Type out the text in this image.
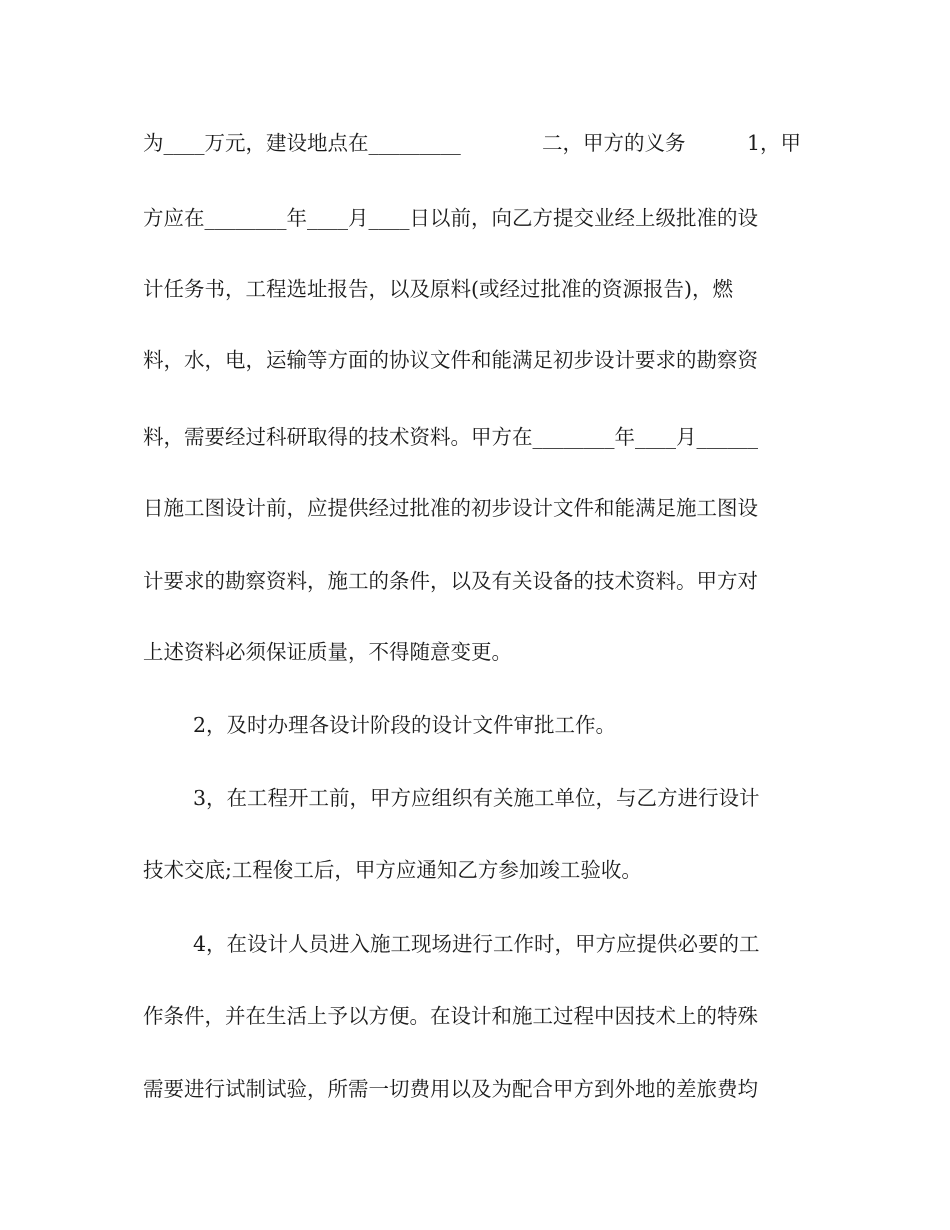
为____万元，建设地点在_________

	二，甲方的义务

	1，甲

方应在________年____月____日以前，向乙方提交业经上级批准的设
计任务书，工程选址报告，以及原料(或经过批准的资源报告)，燃
料，水，电，运输等方面的协议文件和能满足初步设计要求的勘察资
料，需要经过科研取得的技术资料。甲方在________年____月______
日施工图设计前，应提供经过批准的初步设计文件和能满足施工图设
计要求的勘察资料，施工的条件，以及有关设备的技术资料。甲方对
上述资料必须保证质量，不得随意变更。
2，及时办理各设计阶段的设计文件审批工作。
3，在工程开工前，甲方应组织有关施工单位，与乙方进行设计
技术交底;工程俊工后，甲方应通知乙方参加竣工验收。
4，在设计人员进入施工现场进行工作时，甲方应提供必要的工
作条件，并在生活上予以方便。在设计和施工过程中因技术上的特殊
需要进行试制试验，所需一切费用以及为配合甲方到外地的差旅费均
